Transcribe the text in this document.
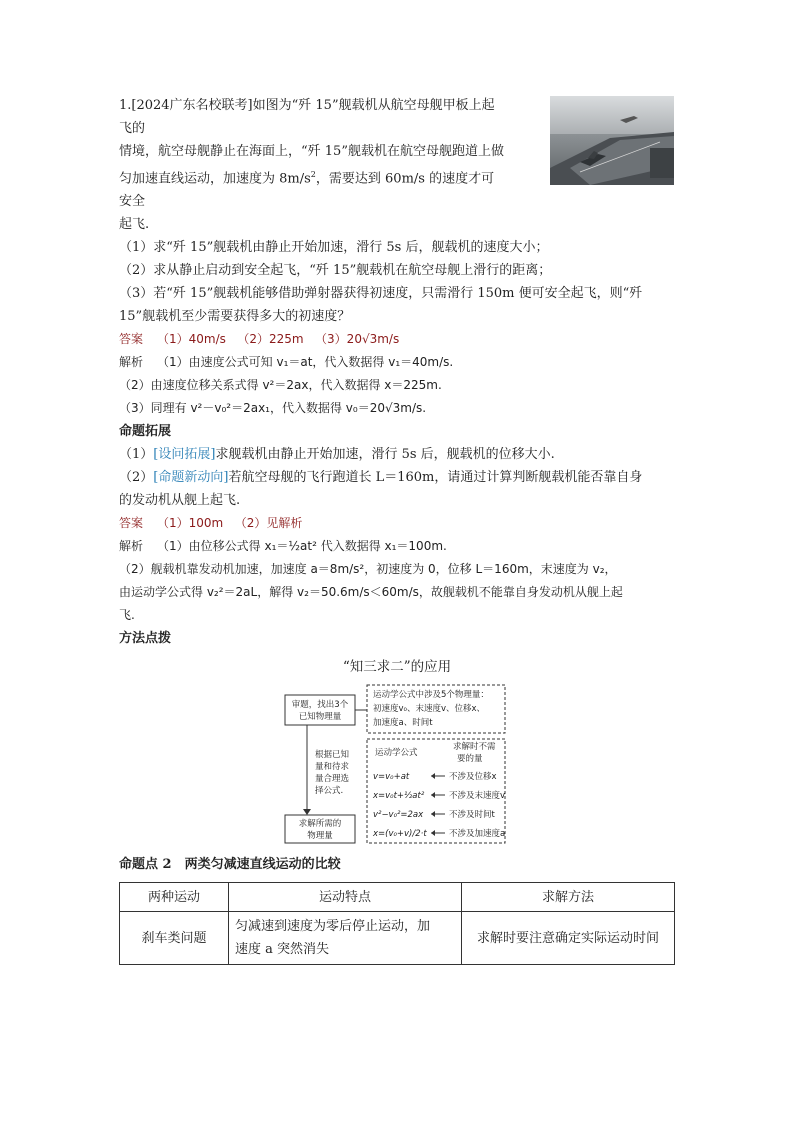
1.[2024广东名校联考]如图为“歼 15”舰载机从航空母舰甲板上起飞的

情境，航空母舰静止在海面上，“歼 15”舰载机在航空母舰跑道上做

匀加速直线运动，加速度为 $8m/s^2$，需要达到 60m/s 的速度才可安全

起飞.

（1）求“歼 15”舰载机由静止开始加速，滑行 5s 后，舰载机的速度大小；

（2）求从静止启动到安全起飞，“歼 15”舰载机在航空母舰上滑行的距离；

（3）若“歼 15”舰载机能够借助弹射器获得初速度，只需滑行 150m 便可安全起飞，则“歼

15”舰载机至少需要获得多大的初速度？

答案 （1）40m/s （2）225m （3）20√3m/s

解析 （1）由速度公式可知 v₁＝at，代入数据得 v₁＝40m/s.

（2）由速度位移关系式得 v²＝2ax，代入数据得 x＝225m.

（3）同理有 v²－v₀²＝2ax₁，代入数据得 v₀＝20√3m/s.

命题拓展

（1）[设问拓展]求舰载机由静止开始加速，滑行 5s 后，舰载机的位移大小.

（2）[命题新动向]若航空母舰的飞行跑道长 L＝160m，请通过计算判断舰载机能否靠自身

的发动机从舰上起飞.

答案 （1）100m （2）见解析

解析 （1）由位移公式得 x₁＝½at² 代入数据得 x₁＝100m.

（2）舰载机靠发动机加速，加速度 a＝8m/s²，初速度为 0，位移 L＝160m，末速度为 v₂，

由运动学公式得 v₂²＝2aL，解得 v₂＝50.6m/s＜60m/s，故舰载机不能靠自身发动机从舰上起

飞.

方法点拨

“知三求二”的应用

审题，找出3个
已知物理量
运动学公式中涉及5个物理量：
初速度v₀、末速度v、位移x、
加速度a、时间t
根据已知
量和待求
量合理选
择公式.
求解所需的
物理量
运动学公式
求解时不需
要的量
v=v₀+at	不涉及位移x
x=v₀t+½at²	不涉及末速度v
v²−v₀²=2ax	不涉及时间t
x=(v₀+v)/2·t	不涉及加速度a

命题点 2　两类匀减速直线运动的比较

两种运动	运动特点	求解方法
刹车类问题	匀减速到速度为零后停止运动，加
速度 a 突然消失	求解时要注意确定实际运动时间
